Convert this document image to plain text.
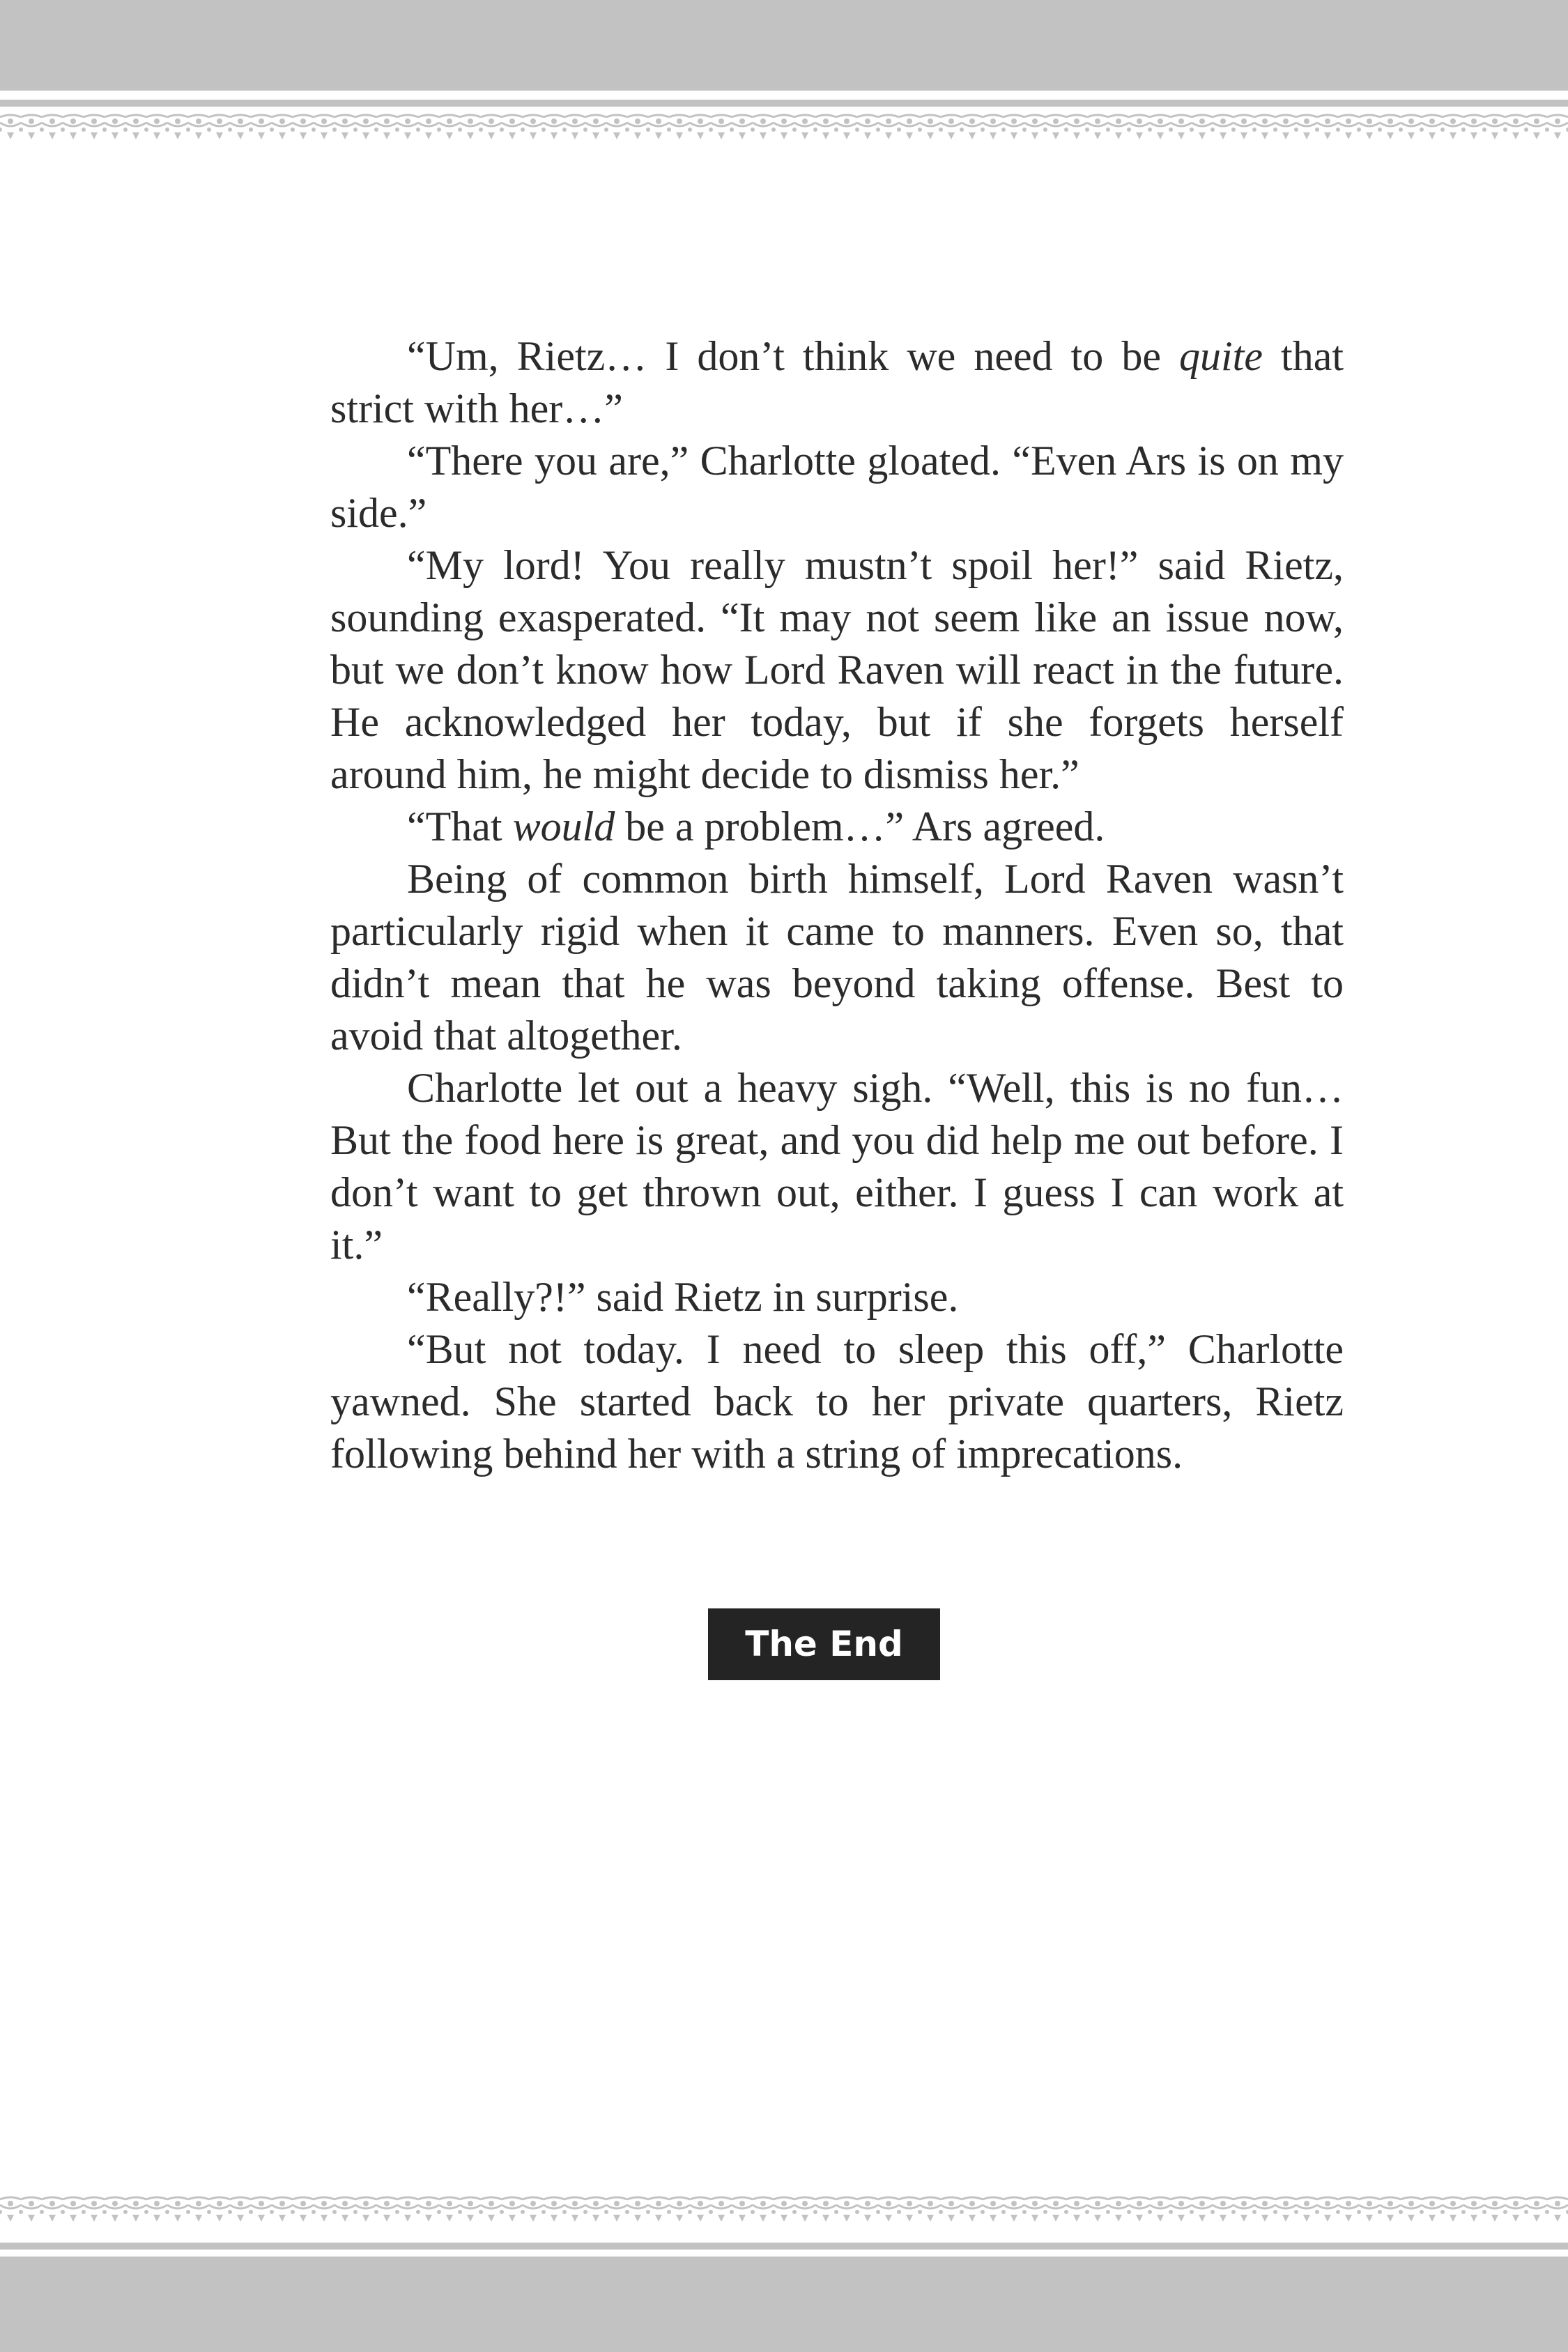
“Um, Rietz… I don’t think we need to be quite that strict with her…”

“There you are,” Charlotte gloated. “Even Ars is on my side.”

“My lord! You really mustn’t spoil her!” said Rietz, sounding exasperated. “It may not seem like an issue now, but we don’t know how Lord Raven will react in the future. He acknowledged her today, but if she forgets herself around him, he might decide to dismiss her.”

“That would be a problem…” Ars agreed.

Being of common birth himself, Lord Raven wasn’t particularly rigid when it came to manners. Even so, that didn’t mean that he was beyond taking offense. Best to avoid that altogether.

Charlotte let out a heavy sigh. “Well, this is no fun… But the food here is great, and you did help me out before. I don’t want to get thrown out, either. I guess I can work at it.”

“Really?!” said Rietz in surprise.

“But not today. I need to sleep this off,” Charlotte yawned. She started back to her private quarters, Rietz following behind her with a string of imprecations.

The End
